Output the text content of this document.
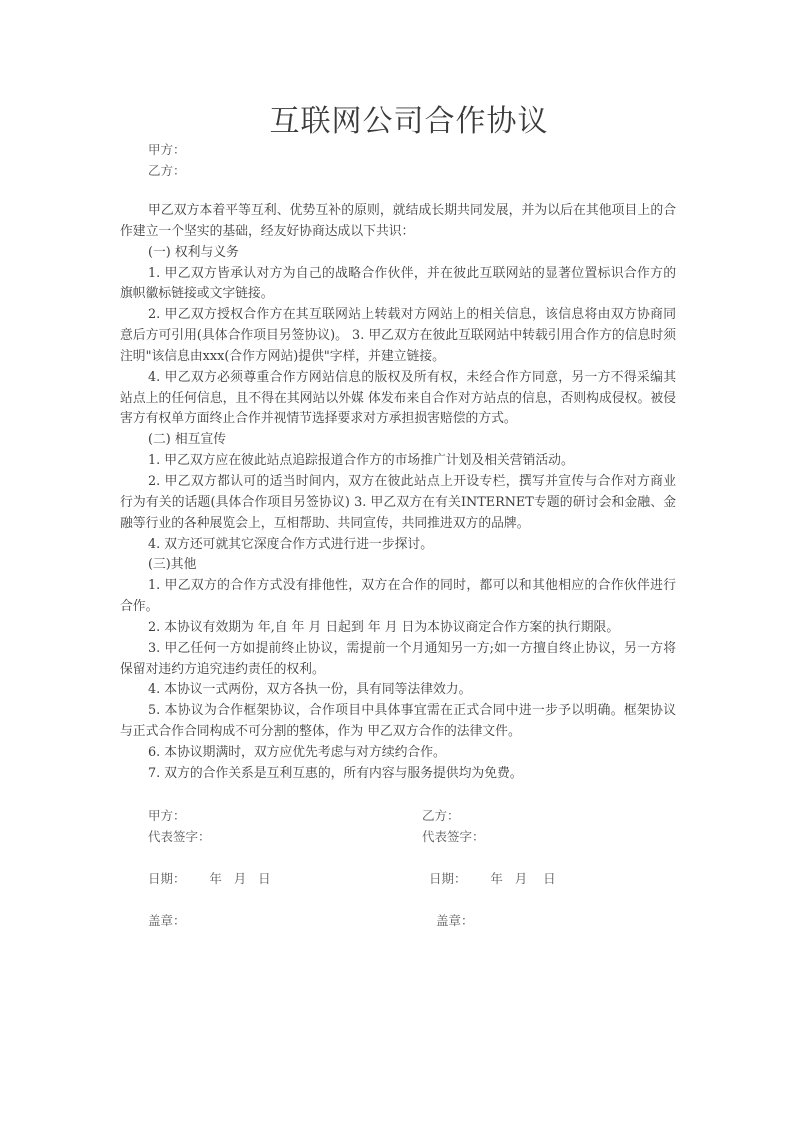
互联网公司合作协议
甲方：
乙方：

甲乙双方本着平等互利、优势互补的原则，就结成长期共同发展，并为以后在其他项目上的合作建立一个坚实的基础，经友好协商达成以下共识：

(一) 权利与义务

1. 甲乙双方皆承认对方为自己的战略合作伙伴，并在彼此互联网站的显著位置标识合作方的旗帜徽标链接或文字链接。

2. 甲乙双方授权合作方在其互联网站上转载对方网站上的相关信息，该信息将由双方协商同意后方可引用(具体合作项目另签协议)。 3. 甲乙双方在彼此互联网站中转载引用合作方的信息时须注明"该信息由xxx(合作方网站)提供"字样，并建立链接。

4. 甲乙双方必须尊重合作方网站信息的版权及所有权，未经合作方同意，另一方不得采编其站点上的任何信息，且不得在其网站以外媒 体发布来自合作对方站点的信息，否则构成侵权。被侵害方有权单方面终止合作并视情节选择要求对方承担损害赔偿的方式。

(二) 相互宣传

1. 甲乙双方应在彼此站点追踪报道合作方的市场推广计划及相关营销活动。

2. 甲乙双方都认可的适当时间内，双方在彼此站点上开设专栏，撰写并宣传与合作对方商业行为有关的话题(具体合作项目另签协议) 3. 甲乙双方在有关INTERNET专题的研讨会和金融、金融等行业的各种展览会上，互相帮助、共同宣传，共同推进双方的品牌。

4. 双方还可就其它深度合作方式进行进一步探讨。

(三)其他

1. 甲乙双方的合作方式没有排他性，双方在合作的同时，都可以和其他相应的合作伙伴进行合作。

2. 本协议有效期为 年,自 年 月 日起到 年 月 日为本协议商定合作方案的执行期限。

3. 甲乙任何一方如提前终止协议，需提前一个月通知另一方;如一方擅自终止协议，另一方将保留对违约方追究违约责任的权利。

4. 本协议一式两份，双方各执一份，具有同等法律效力。

5. 本协议为合作框架协议，合作项目中具体事宜需在正式合同中进一步予以明确。框架协议与正式合作合同构成不可分割的整体，作为 甲乙双方合作的法律文件。

6. 本协议期满时，双方应优先考虑与对方续约合作。

7. 双方的合作关系是互利互惠的，所有内容与服务提供均为免费。

甲方：
代表签字：
日期：      年   月   日
盖章：
乙方：
代表签字：
日期：      年   月    日
盖章：
